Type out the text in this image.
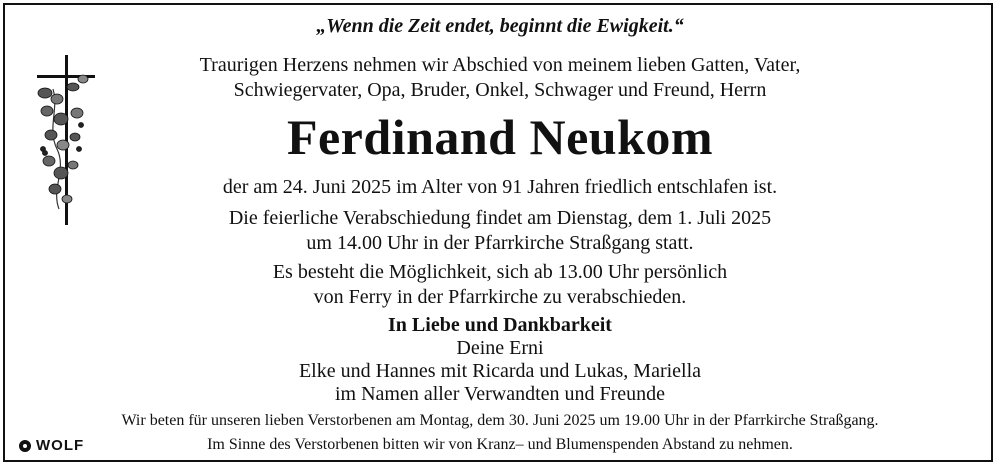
„Wenn die Zeit endet, beginnt die Ewigkeit.“
Traurigen Herzens nehmen wir Abschied von meinem lieben Gatten, Vater,
Schwiegervater, Opa, Bruder, Onkel, Schwager und Freund, Herrn
Ferdinand Neukom
der am 24. Juni 2025 im Alter von 91 Jahren friedlich entschlafen ist.
Die feierliche Verabschiedung findet am Dienstag, dem 1. Juli 2025
um 14.00 Uhr in der Pfarrkirche Straßgang statt.
Es besteht die Möglichkeit, sich ab 13.00 Uhr persönlich
von Ferry in der Pfarrkirche zu verabschieden.
In Liebe und Dankbarkeit
Deine Erni
Elke und Hannes mit Ricarda und Lukas, Mariella
im Namen aller Verwandten und Freunde
Wir beten für unseren lieben Verstorbenen am Montag, dem 30. Juni 2025 um 19.00 Uhr in der Pfarrkirche Straßgang.
Im Sinne des Verstorbenen bitten wir von Kranz– und Blumenspenden Abstand zu nehmen.
WOLF
